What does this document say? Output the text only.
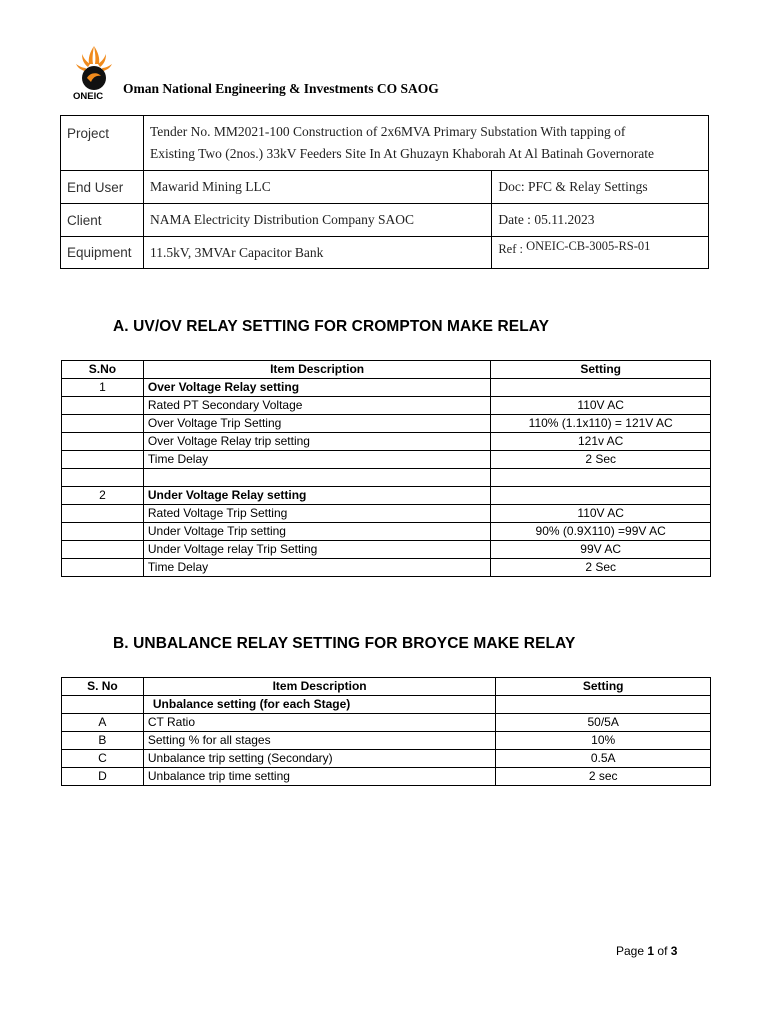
ONEIC
Oman National Engineering & Investments CO SAOG
Project	Tender No. MM2021-100 Construction of 2x6MVA Primary Substation With tapping of
Existing Two (2nos.) 33kV Feeders Site In At Ghuzayn Khaborah At Al Batinah Governorate	

End User	Mawarid Mining LLC	Doc: PFC & Relay Settings
Client	NAMA Electricity Distribution Company SAOC	Date : 05.11.2023
Equipment	11.5kV, 3MVAr Capacitor Bank	Ref : ONEIC-CB-3005-RS-01
A. UV/OV RELAY SETTING FOR CROMPTON MAKE RELAY
S.No	Item Description	Setting
1	Over Voltage Relay setting	
	Rated PT Secondary Voltage	110V AC
	Over Voltage Trip Setting	110% (1.1x110) = 121V AC
	Over Voltage Relay trip setting	121v AC
	Time Delay	2 Sec

2	Under Voltage Relay setting	
	Rated Voltage Trip Setting	110V AC
	Under Voltage Trip setting	90% (0.9X110) =99V AC
	Under Voltage relay Trip Setting	99V AC
	Time Delay	2 Sec
B. UNBALANCE RELAY SETTING FOR BROYCE MAKE RELAY
S. No	Item Description	Setting
	Unbalance setting (for each Stage)	
A	CT Ratio	50/5A
B	Setting % for all stages	10%
C	Unbalance trip setting (Secondary)	0.5A
D	Unbalance trip time setting	2 sec
Page 1 of 3
